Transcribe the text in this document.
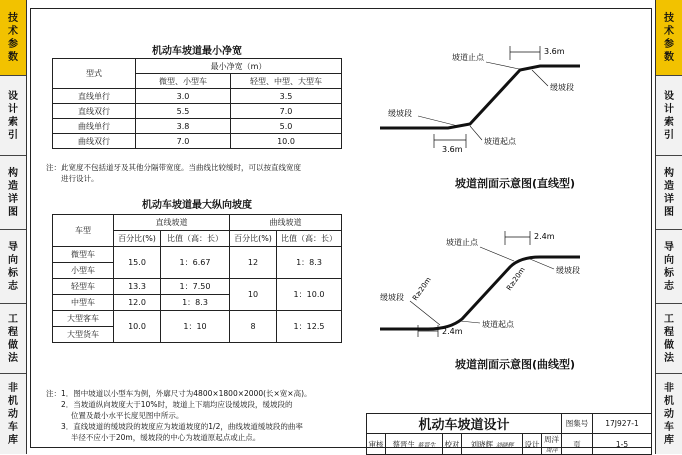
技术参数
设计索引
构造详图
导向标志
工程做法
非机动车库
技术参数
设计索引
构造详图
导向标志
工程做法
非机动车库
机动车坡道最小净宽
型式	最小净宽（m）	
	微型、小型车	轻型、中型、大型车
直线单行	3.0	3.5
直线双行	5.5	7.0
曲线单行	3.8	5.0
曲线双行	7.0	10.0
注：此宽度不包括道牙及其他分隔带宽度。当曲线比较缓时，可以按直线宽度
　　进行设计。
机动车坡道最大纵向坡度
车型	直线坡道		曲线坡道	
	百分比(%)	比值（高：长）	百分比(%)	比值（高：长）
微型车	15.0	1：6.67	12	1：8.3
小型车				
轻型车	13.3	1：7.50	10	1：10.0
中型车	12.0	1：8.3		
大型客车	10.0	1：10	8	1：12.5
大型货车				
注：1．图中坡道以小型车为例，外廓尺寸为4800×1800×2000(长×宽×高)。
　　2．当坡道纵向坡度大于10%时，坡道上下端均应设缓坡段，缓坡段的
　　　 位置及最小水平长度见图中所示。
　　3．直线坡道的缓坡段的坡度应为坡道坡度的1/2，曲线坡道缓坡段的曲率
　　　 半径不应小于20m，缓坡段的中心为坡道原起点或止点。
3.6m
3.6m
坡道止点
缓坡段
缓坡段
坡道起点
坡道剖面示意图(直线型)
2.4m
2.4m
R≥20m
R≥20m
坡道止点
缓坡段
缓坡段
坡道起点
坡道剖面示意图(曲线型)
机动车坡道设计						图集号	17J927-1
审核	蔡晋生 蔡晋生	校对	刘晓辉 刘晓辉	设计	周洋 周洋	页	1-5
